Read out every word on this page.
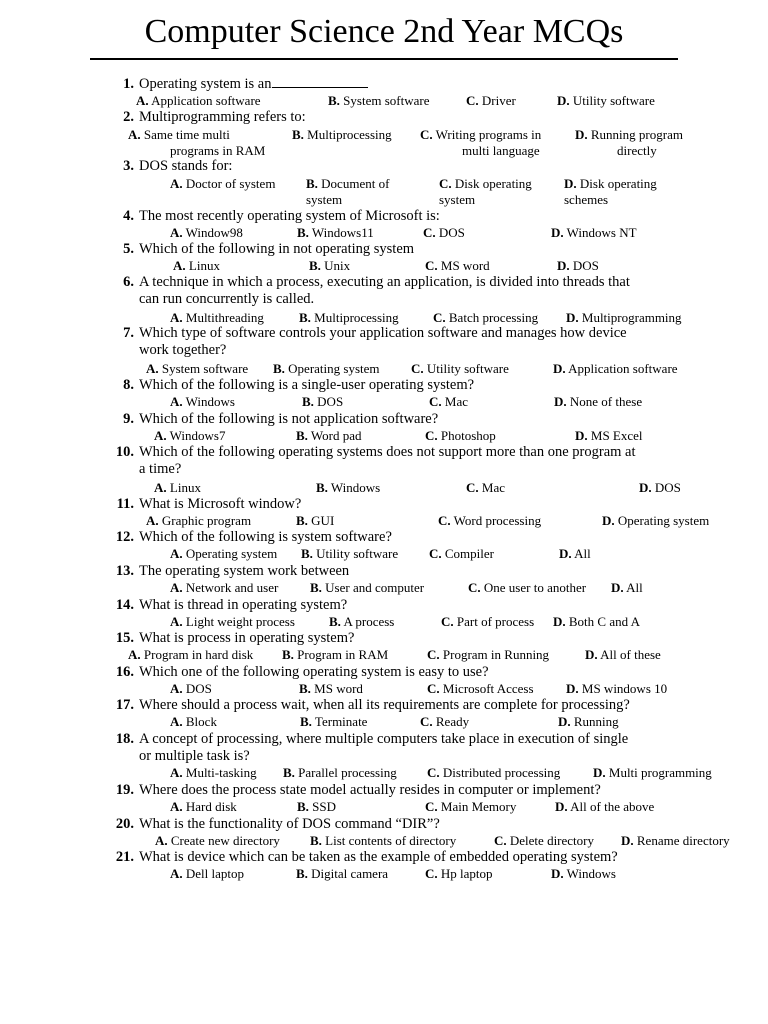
Computer Science 2nd Year MCQs
1. Operating system is an
A. Application software	B. System software	C. Driver	D. Utility software
2. Multiprogramming refers to:
A. Same time multi
programs in RAM
B. Multiprocessing C. Writing programs in
multi language
D. Running program
directly
3. DOS stands for:
A. Doctor of system B. Document of
system
C. Disk operating
system
D. Disk operating
schemes
4. The most recently operating system of Microsoft is:
A. Window98	B. Windows11	C. DOS	D. Windows NT
5. Which of the following in not operating system
A. Linux	B. Unix	C. MS word	D. DOS
6. A technique in which a process, executing an application, is divided into threads that
can run concurrently is called.
A. Multithreading	B. Multiprocessing	C. Batch processing D. Multiprogramming
7. Which type of software controls your application software and manages how device
work together?
A. System software B. Operating system C. Utility software	D. Application software
8. Which of the following is a single-user operating system?
A. Windows	B. DOS	C. Mac	D. None of these
9. Which of the following is not application software?
A. Windows7	B. Word pad	C. Photoshop	D. MS Excel
10. Which of the following operating systems does not support more than one program at
a time?
A. Linux	B. Windows	C. Mac	D. DOS
11. What is Microsoft window?
A. Graphic program	B. GUI	C. Word processing	D. Operating system
12. Which of the following is system software?
A. Operating system B. Utility software C. Compiler	D. All
13. The operating system work between
A. Network and user B. User and computer	C. One user to another D. All
14. What is thread in operating system?
A. Light weight process	B. A process	C. Part of process D. Both C and A
15. What is process in operating system?
A. Program in hard disk B. Program in RAM	C. Program in Running	D. All of these
16. Which one of the following operating system is easy to use?
A. DOS	B. MS word	C. Microsoft Access D. MS windows 10
17. Where should a process wait, when all its requirements are complete for processing?
A. Block	B. Terminate	C. Ready	D. Running
18. A concept of processing, where multiple computers take place in execution of single
or multiple task is?
A. Multi-tasking B. Parallel processing C. Distributed processing	D. Multi programming
19. Where does the process state model actually resides in computer or implement?
A. Hard disk	B. SSD	C. Main Memory	D. All of the above
20. What is the functionality of DOS command “DIR”?
A. Create new directory B. List contents of directory	C. Delete directory D. Rename directory
21. What is device which can be taken as the example of embedded operating system?
A. Dell laptop	B. Digital camera	C. Hp laptop	D. Windows
